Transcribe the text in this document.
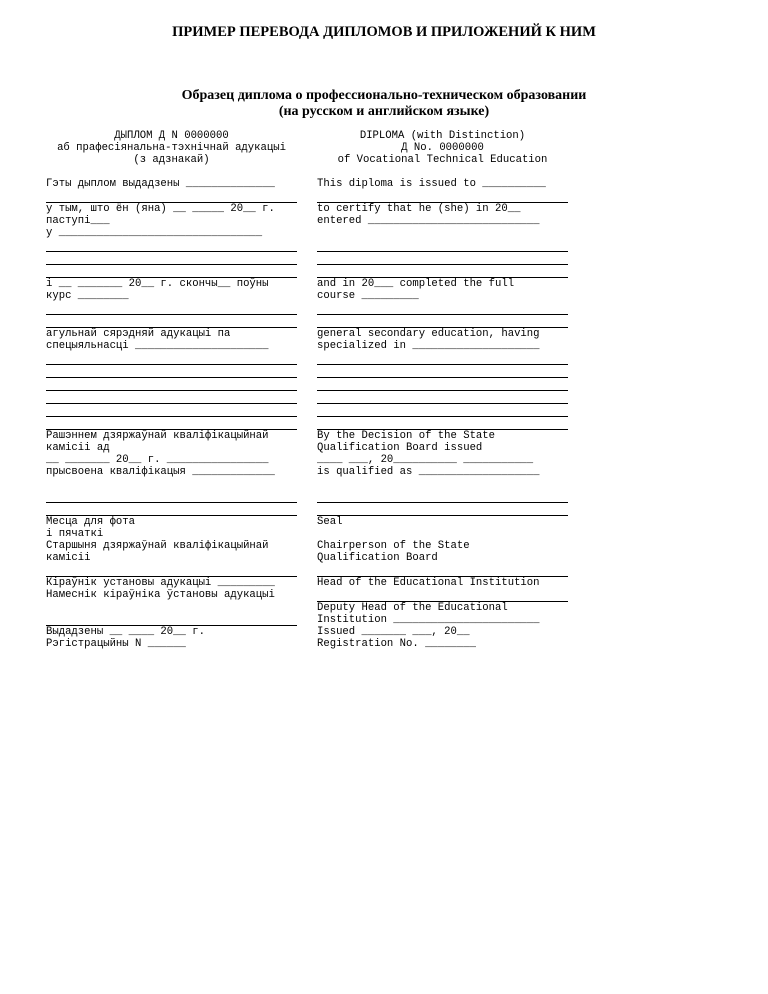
ПРИМЕР ПЕРЕВОДА ДИПЛОМОВ И ПРИЛОЖЕНИЙ К НИМ
Образец диплома о профессионально-техническом образовании
(на русском и английском языке)
ДЫПЛОМ Д N 0000000
аб прафесіянальна-тэхнічнай адукацыі
(з адзнакай)
Гэты дыплом выдадзены ______________
у тым, што ён (яна) __ _____ 20__ г.
паступі___
у ________________________________
і __ _______ 20__ г. скончы__ поўны
курс ________
агульнай сярэдняй адукацыі па
спецыяльнасці _____________________
Рашэннем дзяржаўнай кваліфікацыйнай
камісіі ад
__ _______ 20__ г. ________________
прысвоена кваліфікацыя _____________
Месца для фота
і пячаткі
Старшыня дзяржаўнай кваліфікацыйнай
камісіі
Кіраўнік установы адукацыі _________
Намеснік кіраўніка ўстановы адукацыі
Выдадзены __ ____ 20__ г.
Рэгістрацыйны N ______
DIPLOMA (with Distinction)
Д No. 0000000
of Vocational Technical Education
This diploma is issued to __________
to certify that he (she) in 20__
entered ___________________________
and in 20___ completed the full
course _________
general secondary education, having
specialized in ____________________
By the Decision of the State
Qualification Board issued
____ ___, 20__________ ___________
is qualified as ___________________
Seal
Chairperson of the State
Qualification Board
Head of the Educational Institution
Deputy Head of the Educational
Institution _______________________
Issued _______ ___, 20__
Registration No. ________
